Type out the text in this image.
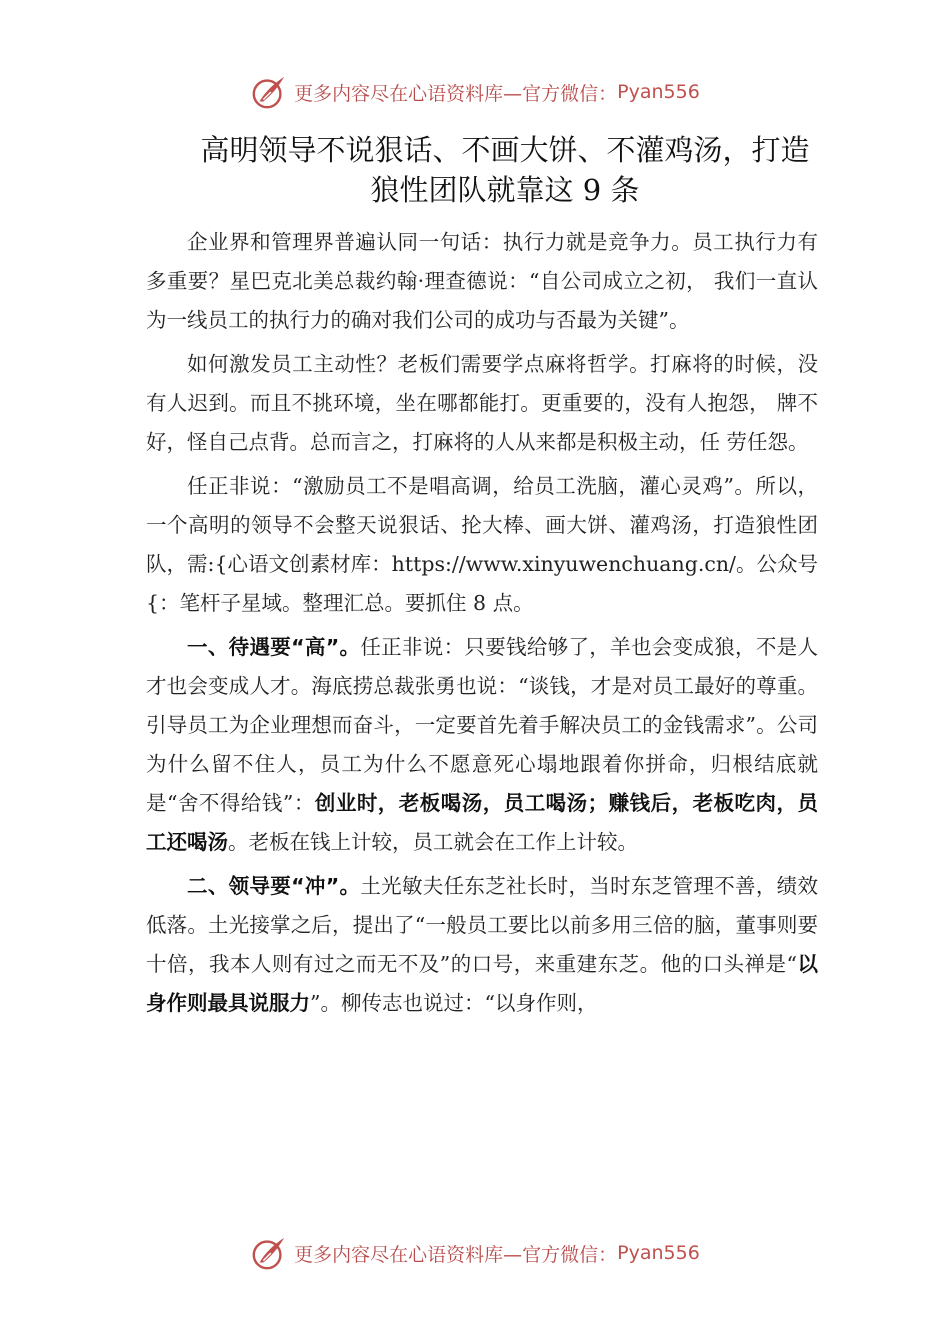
更多内容尽在心语资料库—官方微信： Pyan556
高明领导不说狠话、不画大饼、不灌鸡汤，打造
狼性团队就靠这 9 条

企业界和管理界普遍认同一句话：执行力就是竞争力。员工执行力有多重要？星巴克北美总裁约翰·理查德说：“自公司成立之初， 我们一直认为一线员工的执行力的确对我们公司的成功与否最为关键”。

如何激发员工主动性？老板们需要学点麻将哲学。打麻将的时候，没有人迟到。而且不挑环境，坐在哪都能打。更重要的，没有人抱怨， 牌不好，怪自己点背。总而言之，打麻将的人从来都是积极主动，任 劳任怨。

任正非说：“激励员工不是唱高调，给员工洗脑，灌心灵鸡”。所以，一个高明的领导不会整天说狠话、抡大棒、画大饼、灌鸡汤，打造狼性团队，需:{心语文创素材库：https://www.xinyuwenchuang.cn/。公众号{：笔杆子星域。整理汇总。要抓住 8 点。

一、待遇要“高”。任正非说：只要钱给够了，羊也会变成狼，不是人才也会变成人才。海底捞总裁张勇也说：“谈钱，才是对员工最好的尊重。引导员工为企业理想而奋斗，一定要首先着手解决员工的金钱需求”。公司为什么留不住人，员工为什么不愿意死心塌地跟着你拼命，归根结底就是“舍不得给钱”：创业时，老板喝汤，员工喝汤；赚钱后，老板吃肉，员工还喝汤。老板在钱上计较，员工就会在工作上计较。

二、领导要“冲”。土光敏夫任东芝社长时，当时东芝管理不善，绩效低落。土光接掌之后，提出了“一般员工要比以前多用三倍的脑，董事则要十倍，我本人则有过之而无不及”的口号，来重建东芝。他的口头禅是“以身作则最具说服力”。柳传志也说过：“以身作则，

更多内容尽在心语资料库—官方微信： Pyan556
